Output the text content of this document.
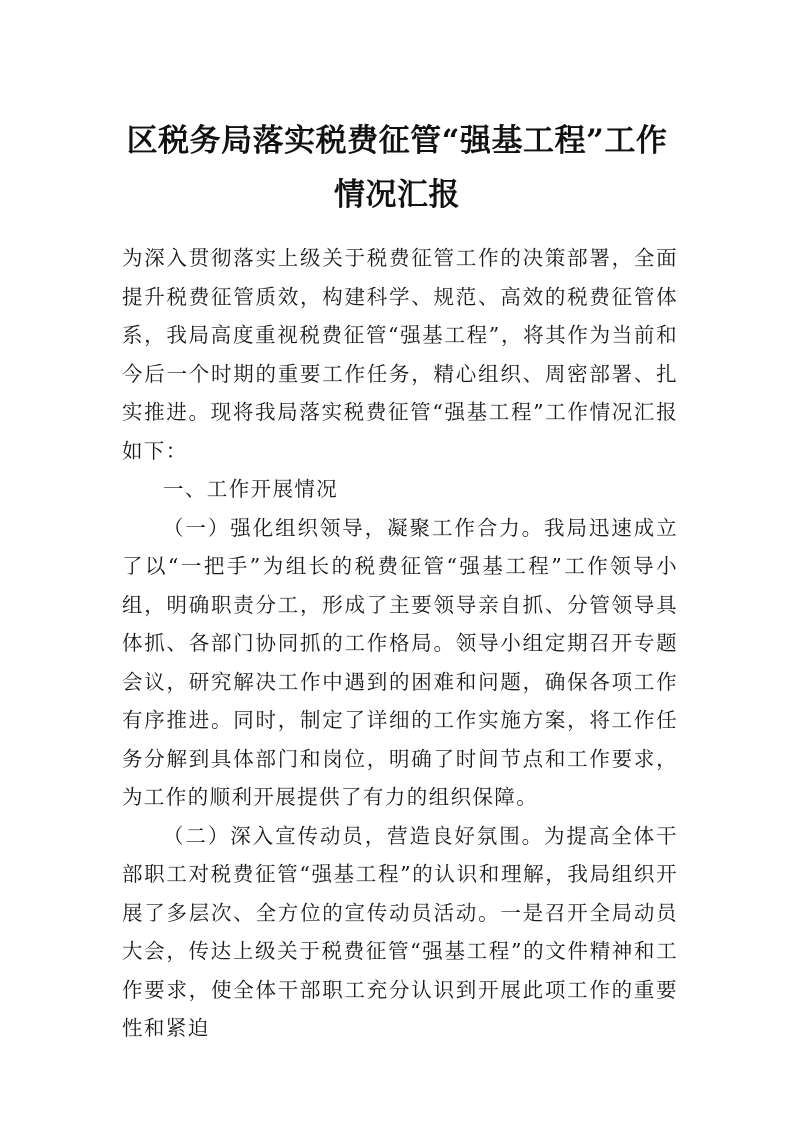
区税务局落实税费征管“强基工程”工作情况汇报

为深入贯彻落实上级关于税费征管工作的决策部署，全面提升税费征管质效，构建科学、规范、高效的税费征管体系，我局高度重视税费征管“强基工程”，将其作为当前和今后一个时期的重要工作任务，精心组织、周密部署、扎实推进。现将我局落实税费征管“强基工程”工作情况汇报如下：

一、工作开展情况

（一）强化组织领导，凝聚工作合力。我局迅速成立了以“一把手”为组长的税费征管“强基工程”工作领导小组，明确职责分工，形成了主要领导亲自抓、分管领导具体抓、各部门协同抓的工作格局。领导小组定期召开专题会议，研究解决工作中遇到的困难和问题，确保各项工作有序推进。同时，制定了详细的工作实施方案，将工作任务分解到具体部门和岗位，明确了时间节点和工作要求，为工作的顺利开展提供了有力的组织保障。

（二）深入宣传动员，营造良好氛围。为提高全体干部职工对税费征管“强基工程”的认识和理解，我局组织开展了多层次、全方位的宣传动员活动。一是召开全局动员大会，传达上级关于税费征管“强基工程”的文件精神和工作要求，使全体干部职工充分认识到开展此项工作的重要性和紧迫
